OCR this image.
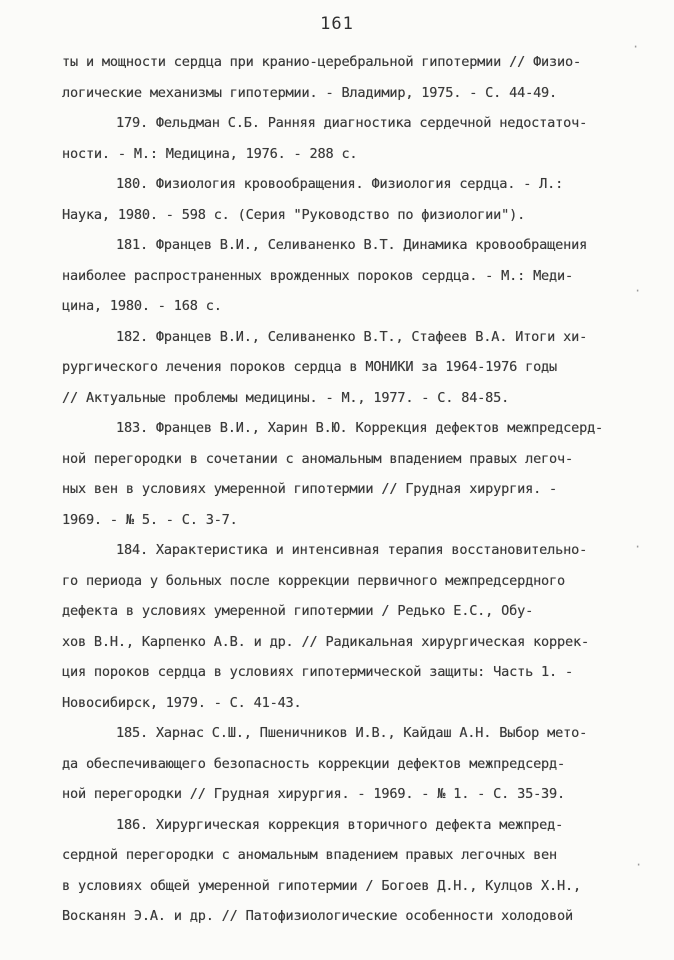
161
ты и мощности сердца при кранио-церебральной гипотермии // Физио-
логические механизмы гипотермии. - Владимир, 1975. - С. 44-49.
179. Фельдман С.Б. Ранняя диагностика сердечной недостаточ-
ности. - М.: Медицина, 1976. - 288 с.
180. Физиология кровообращения. Физиология сердца. - Л.:
Наука, 1980. - 598 с. (Серия "Руководство по физиологии").
181. Францев В.И., Селиваненко В.Т. Динамика кровообращения
наиболее распространенных врожденных пороков сердца. - М.: Меди-
цина, 1980. - 168 с.
182. Францев В.И., Селиваненко В.Т., Стафеев В.А. Итоги хи-
рургического лечения пороков сердца в МОНИКИ за 1964-1976 годы
// Актуальные проблемы медицины. - М., 1977. - С. 84-85.
183. Францев В.И., Харин В.Ю. Коррекция дефектов межпредсерд-
ной перегородки в сочетании с аномальным впадением правых легоч-
ных вен в условиях умеренной гипотермии // Грудная хирургия. -
1969. - № 5. - С. 3-7.
184. Характеристика и интенсивная терапия восстановительно-
го периода у больных после коррекции первичного межпредсердного
дефекта в условиях умеренной гипотермии / Редько Е.С., Обу-
хов В.Н., Карпенко А.В. и др. // Радикальная хирургическая коррек-
ция пороков сердца в условиях гипотермической защиты: Часть 1. -
Новосибирск, 1979. - С. 41-43.
185. Харнас С.Ш., Пшеничников И.В., Кайдаш А.Н. Выбор мето-
да обеспечивающего безопасность коррекции дефектов межпредсерд-
ной перегородки // Грудная хирургия. - 1969. - № 1. - С. 35-39.
186. Хирургическая коррекция вторичного дефекта межпред-
сердной перегородки с аномальным впадением правых легочных вен
в условиях общей умеренной гипотермии / Богоев Д.Н., Кулцов Х.Н.,
Восканян Э.А. и др. // Патофизиологические особенности холодовой
·
·
·
·
